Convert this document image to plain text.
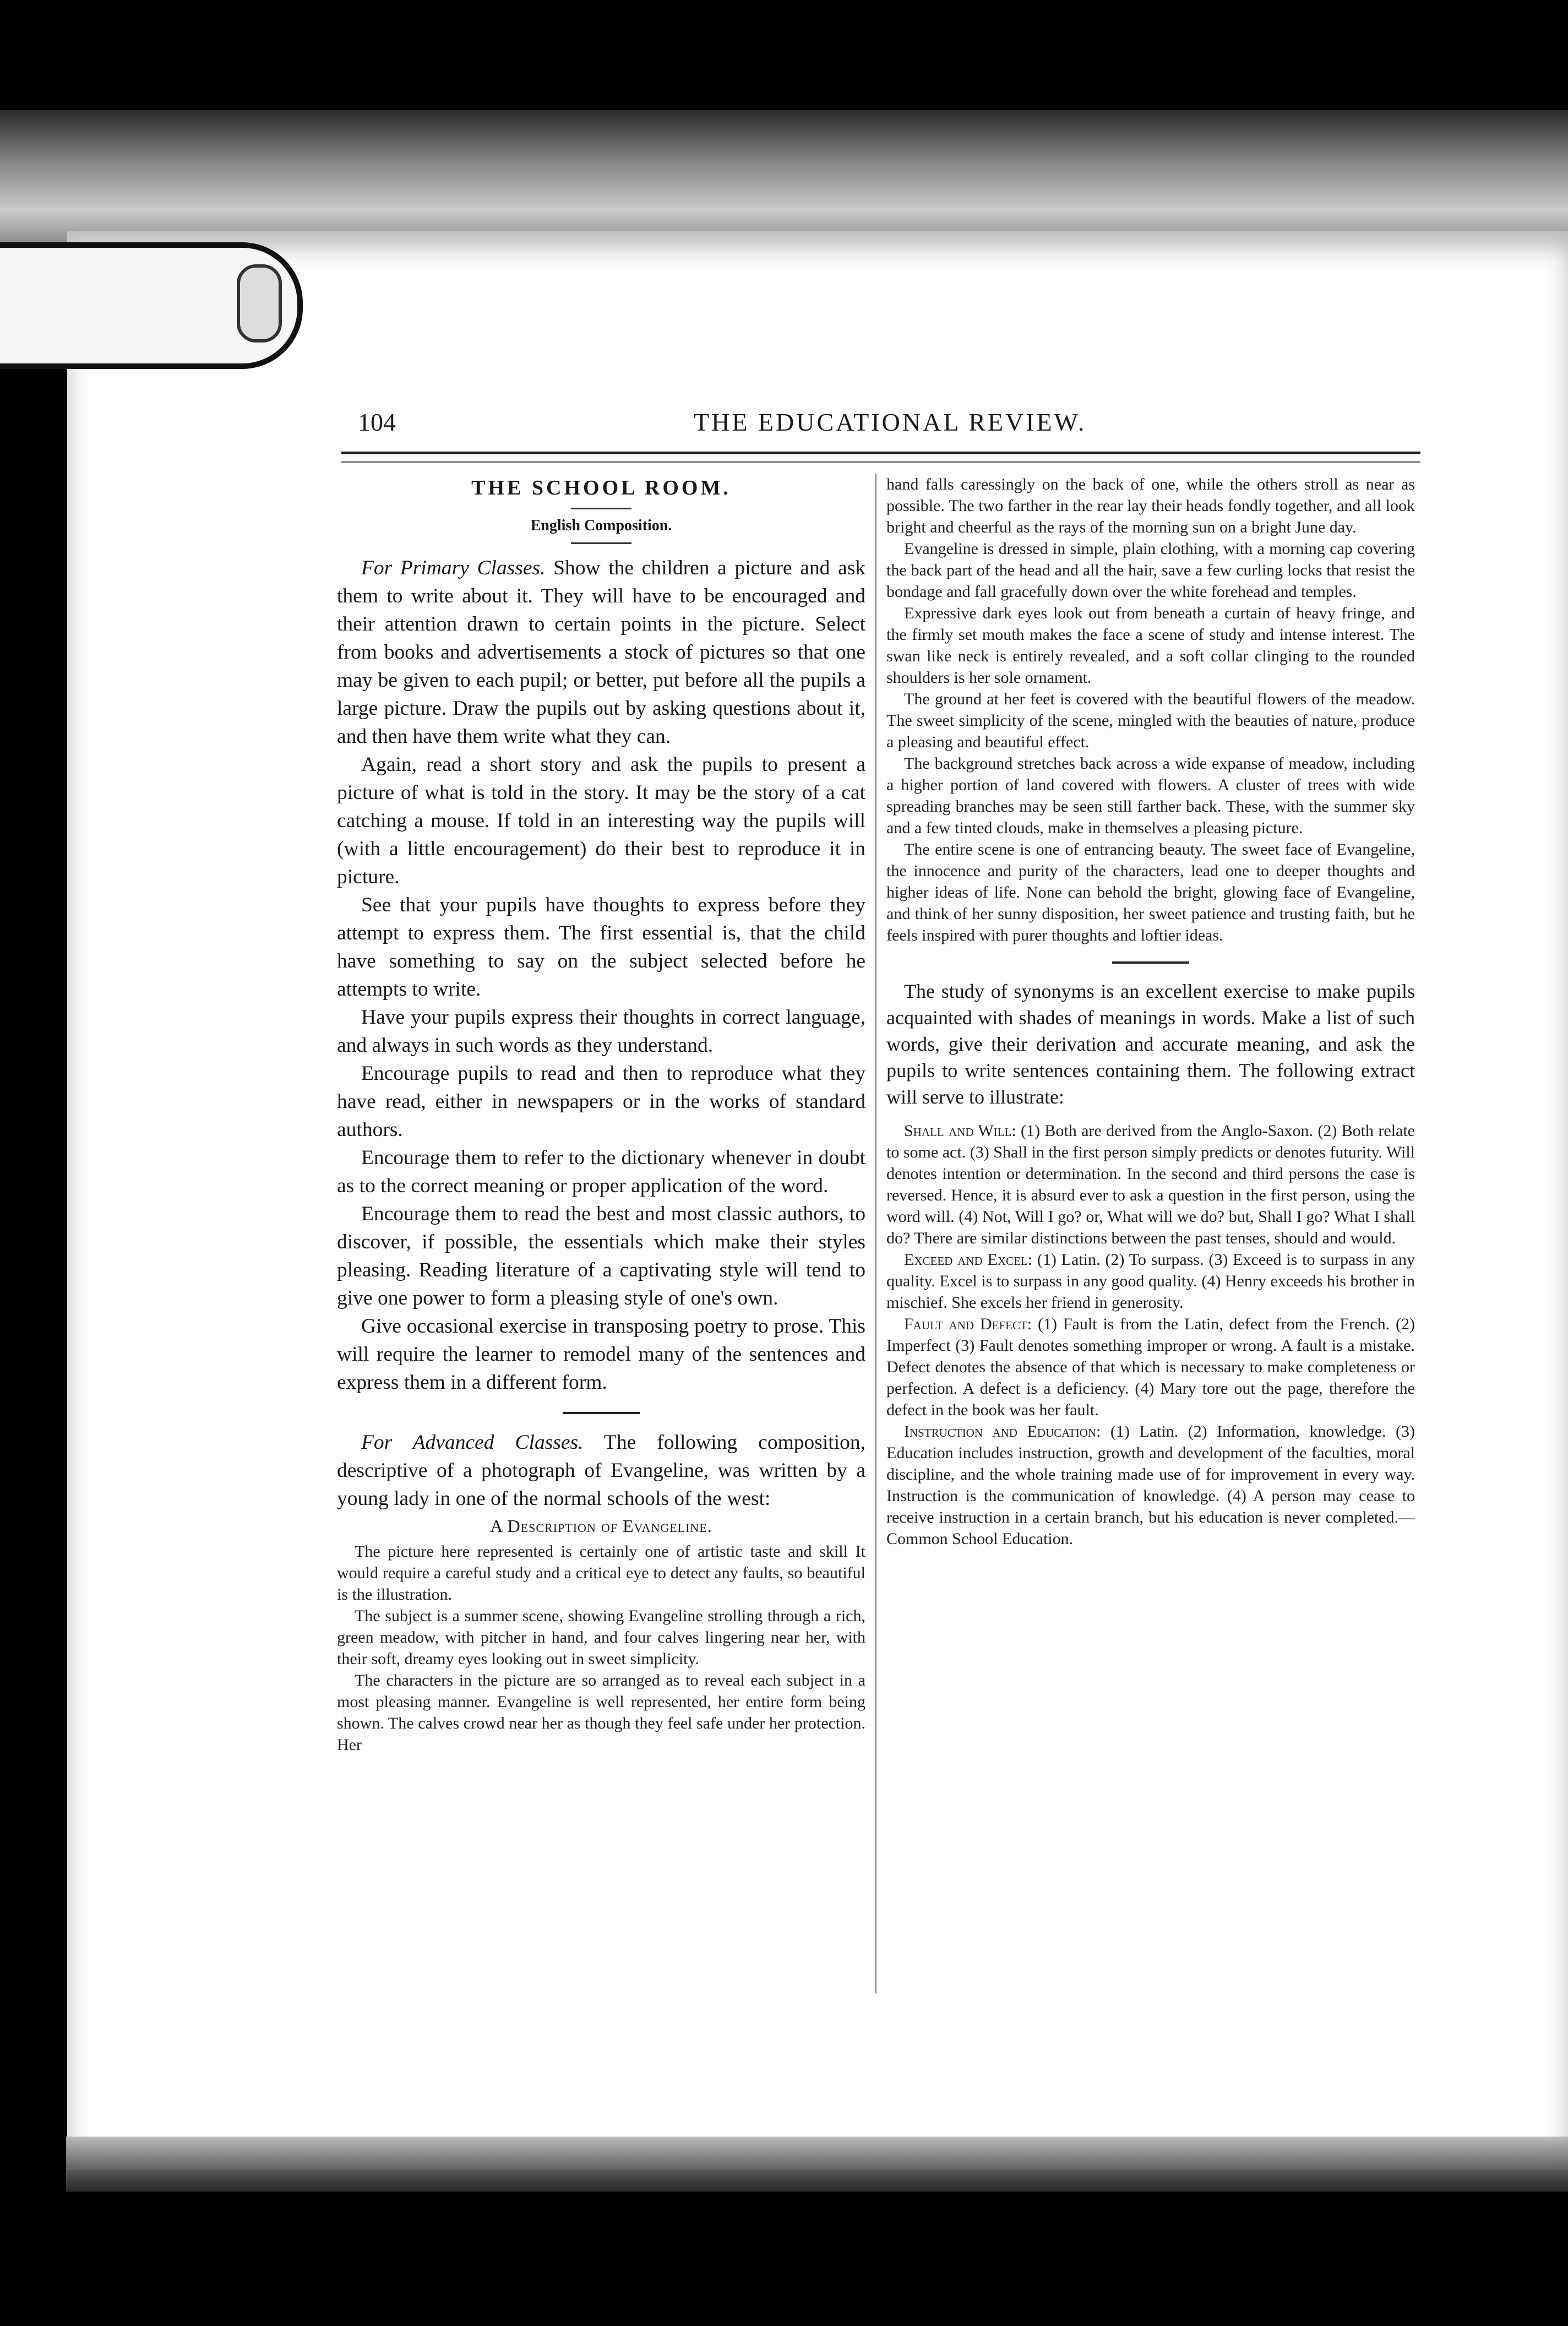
104	THE EDUCATIONAL REVIEW.
THE SCHOOL ROOM.
English Composition.

For Primary Classes. Show the children a picture and ask them to write about it. They will have to be encouraged and their attention drawn to certain points in the picture. Select from books and advertisements a stock of pictures so that one may be given to each pupil; or better, put before all the pupils a large picture. Draw the pupils out by asking questions about it, and then have them write what they can.

Again, read a short story and ask the pupils to present a picture of what is told in the story. It may be the story of a cat catching a mouse. If told in an interesting way the pupils will (with a little encouragement) do their best to reproduce it in picture.

See that your pupils have thoughts to express before they attempt to express them. The first essential is, that the child have something to say on the subject selected before he attempts to write.

Have your pupils express their thoughts in correct language, and always in such words as they understand.

Encourage pupils to read and then to reproduce what they have read, either in newspapers or in the works of standard authors.

Encourage them to refer to the dictionary whenever in doubt as to the correct meaning or proper application of the word.

Encourage them to read the best and most classic authors, to discover, if possible, the essentials which make their styles pleasing. Reading literature of a captivating style will tend to give one power to form a pleasing style of one's own.

Give occasional exercise in transposing poetry to prose. This will require the learner to remodel many of the sentences and express them in a different form.

For Advanced Classes. The following composition, descriptive of a photograph of Evangeline, was written by a young lady in one of the normal schools of the west:

A Description of Evangeline.

The picture here represented is certainly one of artistic taste and skill It would require a careful study and a critical eye to detect any faults, so beautiful is the illustration.

The subject is a summer scene, showing Evangeline strolling through a rich, green meadow, with pitcher in hand, and four calves lingering near her, with their soft, dreamy eyes looking out in sweet simplicity.

The characters in the picture are so arranged as to reveal each subject in a most pleasing manner. Evangeline is well represented, her entire form being shown. The calves crowd near her as though they feel safe under her protection. Her

hand falls caressingly on the back of one, while the others stroll as near as possible. The two farther in the rear lay their heads fondly together, and all look bright and cheerful as the rays of the morning sun on a bright June day.

Evangeline is dressed in simple, plain clothing, with a morning cap covering the back part of the head and all the hair, save a few curling locks that resist the bondage and fall gracefully down over the white forehead and temples.

Expressive dark eyes look out from beneath a curtain of heavy fringe, and the firmly set mouth makes the face a scene of study and intense interest. The swan like neck is entirely revealed, and a soft collar clinging to the rounded shoulders is her sole ornament.

The ground at her feet is covered with the beautiful flowers of the meadow. The sweet simplicity of the scene, mingled with the beauties of nature, produce a pleasing and beautiful effect.

The background stretches back across a wide expanse of meadow, including a higher portion of land covered with flowers. A cluster of trees with wide spreading branches may be seen still farther back. These, with the summer sky and a few tinted clouds, make in themselves a pleasing picture.

The entire scene is one of entrancing beauty. The sweet face of Evangeline, the innocence and purity of the characters, lead one to deeper thoughts and higher ideas of life. None can behold the bright, glowing face of Evangeline, and think of her sunny disposition, her sweet patience and trusting faith, but he feels inspired with purer thoughts and loftier ideas.

The study of synonyms is an excellent exercise to make pupils acquainted with shades of meanings in words. Make a list of such words, give their derivation and accurate meaning, and ask the pupils to write sentences containing them. The following extract will serve to illustrate:

Shall and Will: (1) Both are derived from the Anglo-Saxon. (2) Both relate to some act. (3) Shall in the first person simply predicts or denotes futurity. Will denotes intention or determination. In the second and third persons the case is reversed. Hence, it is absurd ever to ask a question in the first person, using the word will. (4) Not, Will I go? or, What will we do? but, Shall I go? What I shall do? There are similar distinctions between the past tenses, should and would.

Exceed and Excel: (1) Latin. (2) To surpass. (3) Exceed is to surpass in any quality. Excel is to surpass in any good quality. (4) Henry exceeds his brother in mischief. She excels her friend in generosity.

Fault and Defect: (1) Fault is from the Latin, defect from the French. (2) Imperfect (3) Fault denotes something improper or wrong. A fault is a mistake. Defect denotes the absence of that which is necessary to make completeness or perfection. A defect is a deficiency. (4) Mary tore out the page, therefore the defect in the book was her fault.

Instruction and Education: (1) Latin. (2) Information, knowledge. (3) Education includes instruction, growth and development of the faculties, moral discipline, and the whole training made use of for improvement in every way. Instruction is the communication of knowledge. (4) A person may cease to receive instruction in a certain branch, but his education is never completed.—Common School Education.
